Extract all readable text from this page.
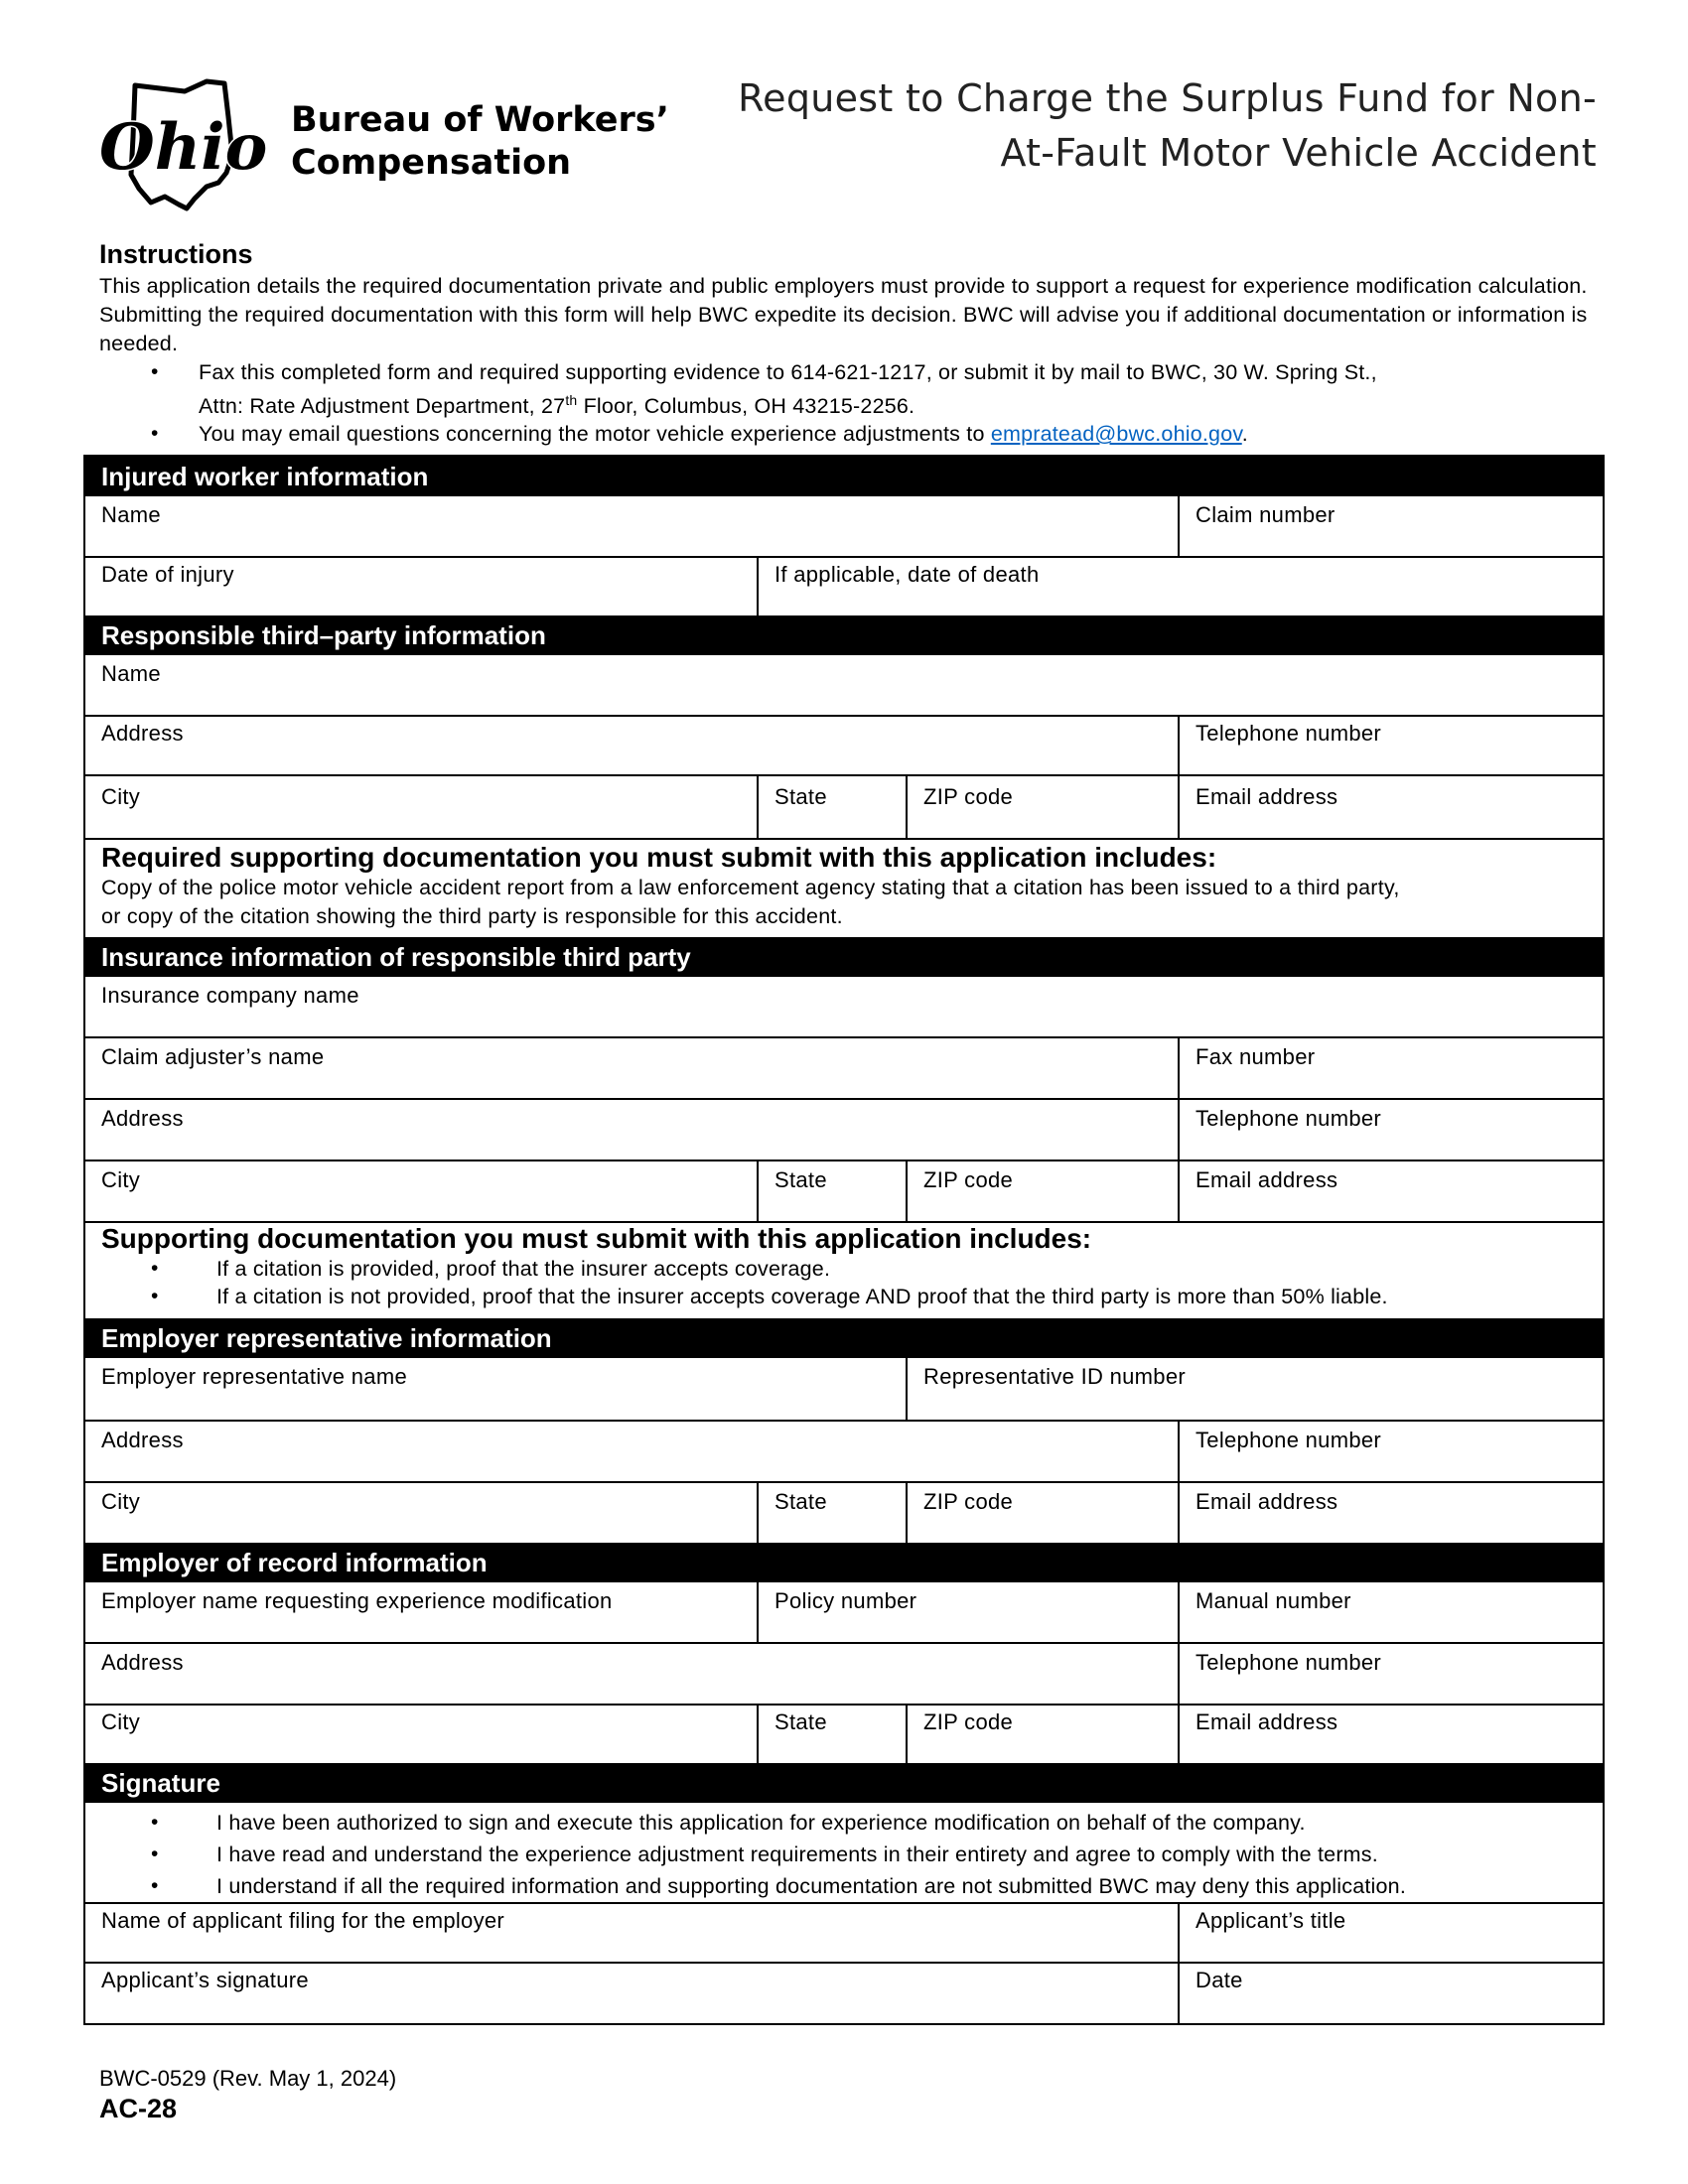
Ohio Bureau of Workers’
Compensation
Request to Charge the Surplus Fund for Non-
At-Fault Motor Vehicle Accident
Instructions
This application details the required documentation private and public employers must provide to support a request for experience modification calculation. Submitting the required documentation with this form will help BWC expedite its decision. BWC will advise you if additional documentation or information is needed.
• Fax this completed form and required supporting evidence to 614-621-1217, or submit it by mail to BWC, 30 W. Spring St.,
Attn: Rate Adjustment Department, 27th Floor, Columbus, OH 43215-2256.
• You may email questions concerning the motor vehicle experience adjustments to empratead@bwc.ohio.gov.
Injured worker information
Name	Claim number
Date of injury	If applicable, date of death
Responsible third–party information
Name
Address	Telephone number
City	State	ZIP code	Email address
Required supporting documentation you must submit with this application includes:
Copy of the police motor vehicle accident report from a law enforcement agency stating that a citation has been issued to a third party,
or copy of the citation showing the third party is responsible for this accident.
Insurance information of responsible third party
Insurance company name
Claim adjuster’s name	Fax number
Address	Telephone number
City	State	ZIP code	Email address
Supporting documentation you must submit with this application includes:
• If a citation is provided, proof that the insurer accepts coverage.
• If a citation is not provided, proof that the insurer accepts coverage AND proof that the third party is more than 50% liable.
Employer representative information
Employer representative name	Representative ID number
Address	Telephone number
City	State	ZIP code	Email address
Employer of record information
Employer name requesting experience modification	Policy number	Manual number
Address	Telephone number
City	State	ZIP code	Email address
Signature
• I have been authorized to sign and execute this application for experience modification on behalf of the company.
• I have read and understand the experience adjustment requirements in their entirety and agree to comply with the terms.
• I understand if all the required information and supporting documentation are not submitted BWC may deny this application.
Name of applicant filing for the employer	Applicant’s title
Applicant’s signature	Date
BWC-0529 (Rev. May 1, 2024)
AC-28
